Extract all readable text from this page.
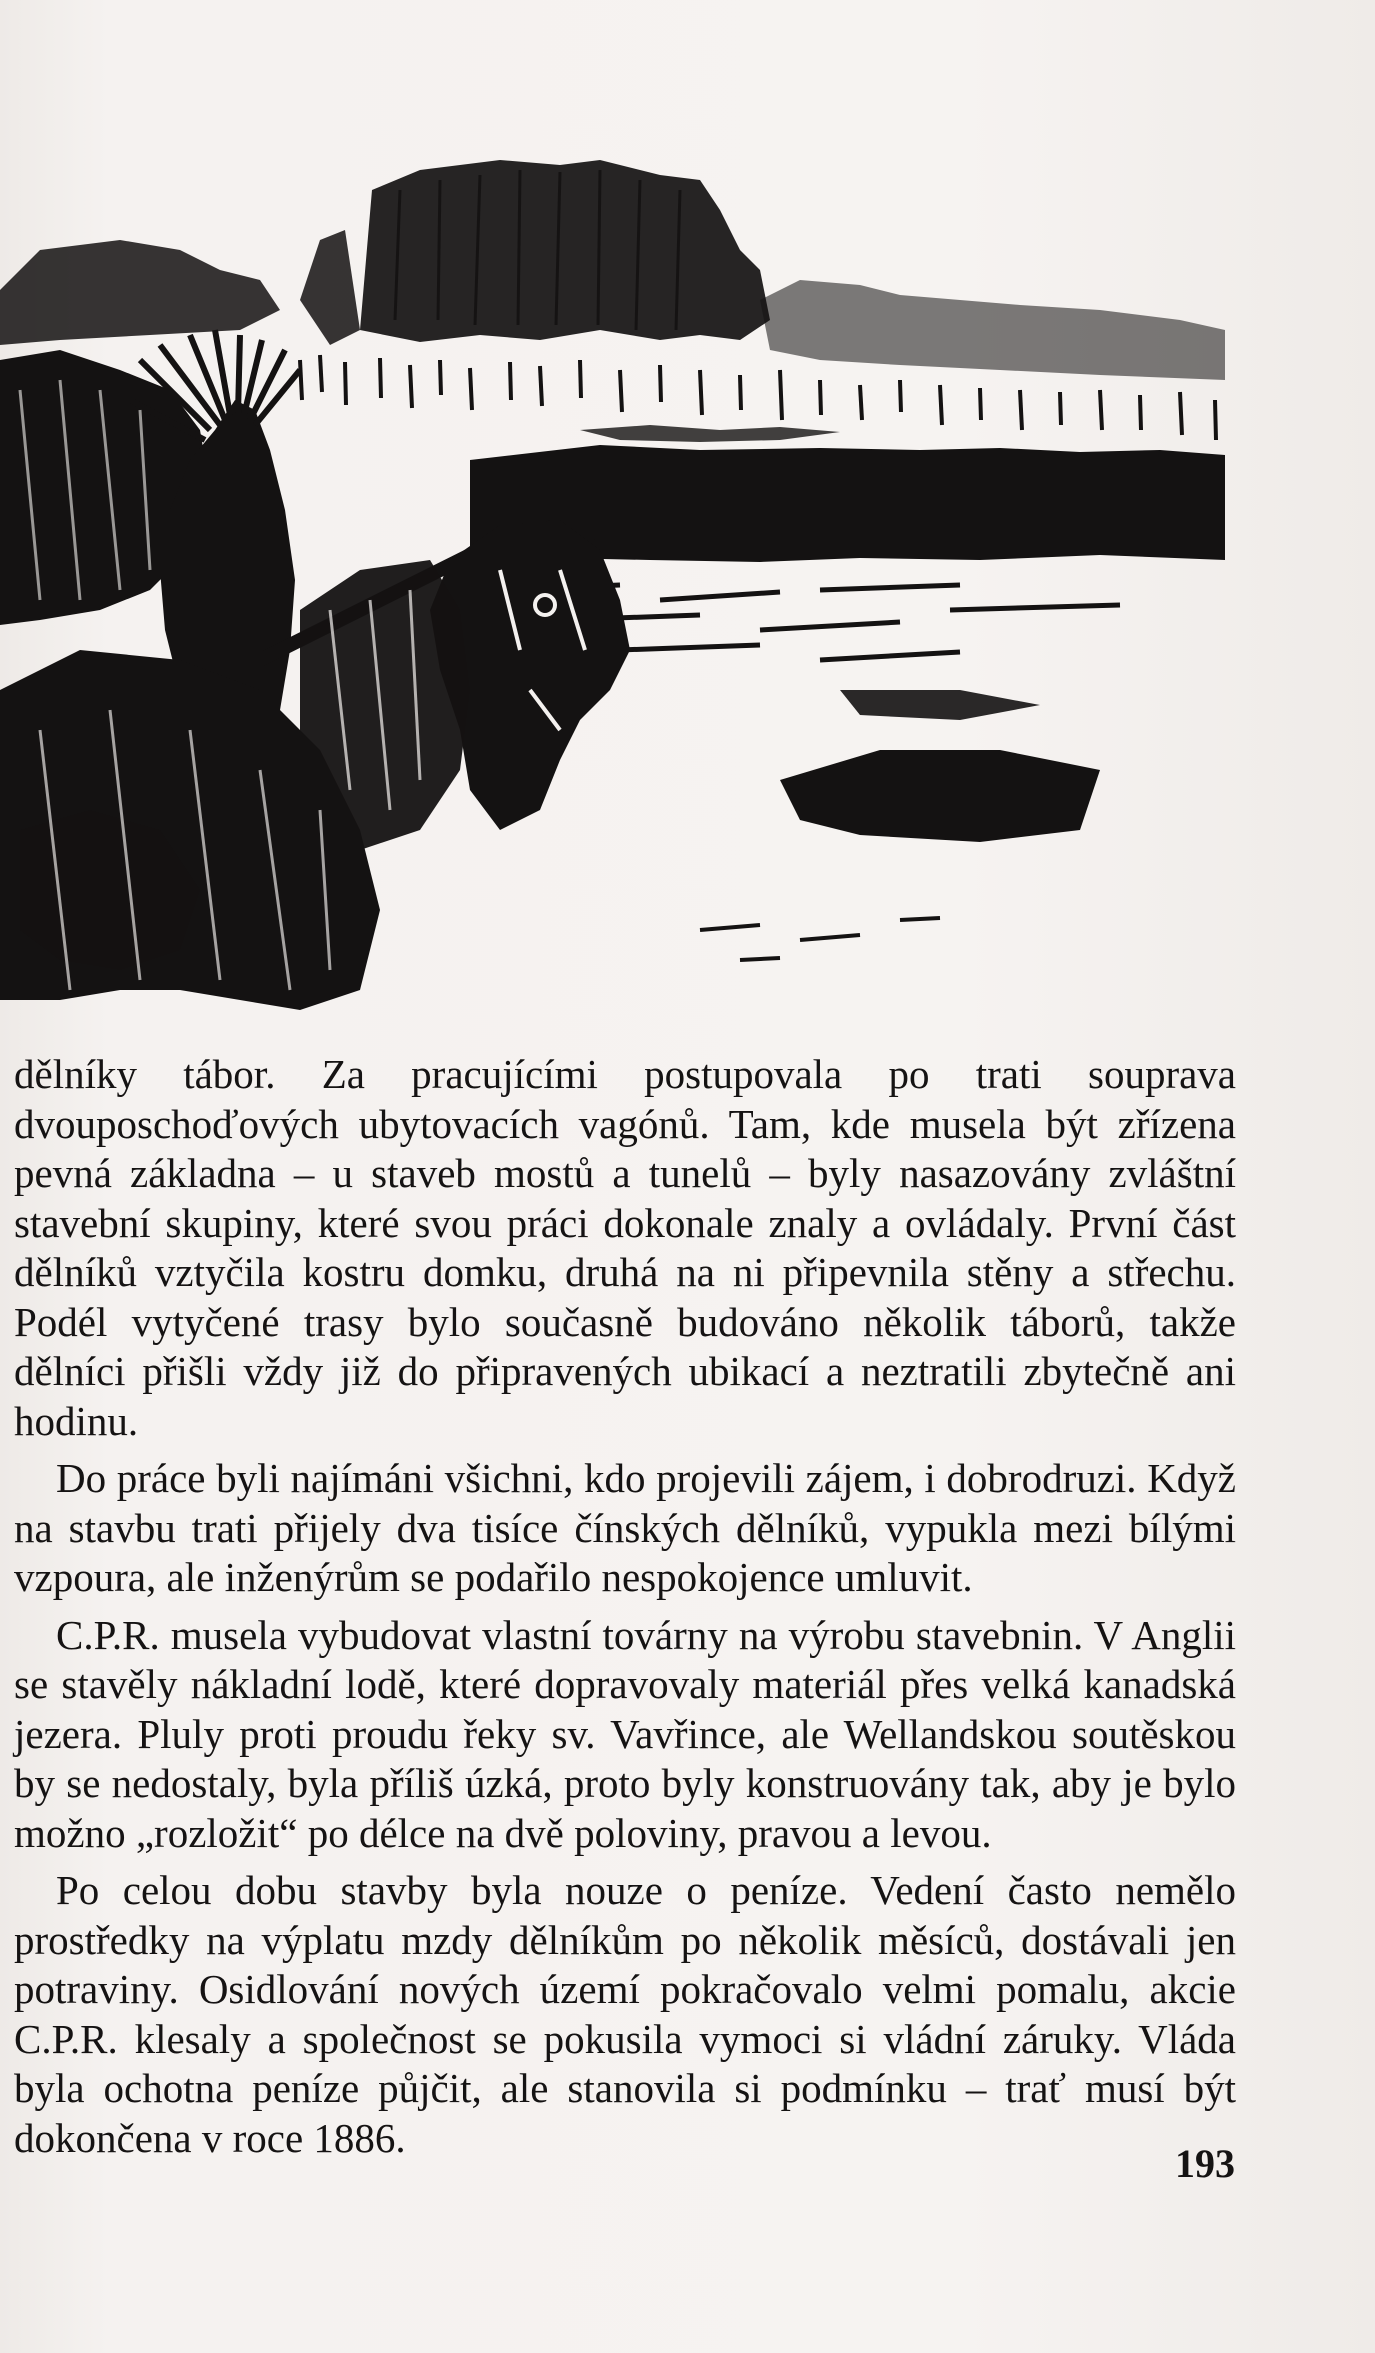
dělníky tábor. Za pracujícími postupovala po trati souprava dvouposchoďových ubytovacích vagónů. Tam, kde musela být zřízena pevná základna – u staveb mostů a tunelů – byly nasazovány zvláštní stavební skupiny, které svou práci dokonale znaly a ovládaly. První část dělníků vztyčila kostru domku, druhá na ni připevnila stěny a střechu. Podél vytyčené trasy bylo současně budováno několik táborů, takže dělníci přišli vždy již do připravených ubikací a neztratili zbytečně ani hodinu.

Do práce byli najímáni všichni, kdo projevili zájem, i dobrodruzi. Když na stavbu trati přijely dva tisíce čínských dělníků, vypukla mezi bílými vzpoura, ale inženýrům se podařilo nespokojence umluvit.

C.P.R. musela vybudovat vlastní továrny na výrobu stavebnin. V Anglii se stavěly nákladní lodě, které dopravovaly materiál přes velká kanadská jezera. Pluly proti proudu řeky sv. Vavřince, ale Wellandskou soutěskou by se nedostaly, byla příliš úzká, proto byly konstruovány tak, aby je bylo možno „rozložit“ po délce na dvě poloviny, pravou a levou.

Po celou dobu stavby byla nouze o peníze. Vedení často nemělo prostředky na výplatu mzdy dělníkům po několik měsíců, dostávali jen potraviny. Osidlování nových území pokračovalo velmi pomalu, akcie C.P.R. klesaly a společnost se pokusila vymoci si vládní záruky. Vláda byla ochotna peníze půjčit, ale stanovila si podmínku – trať musí být dokončena v roce 1886.

193
